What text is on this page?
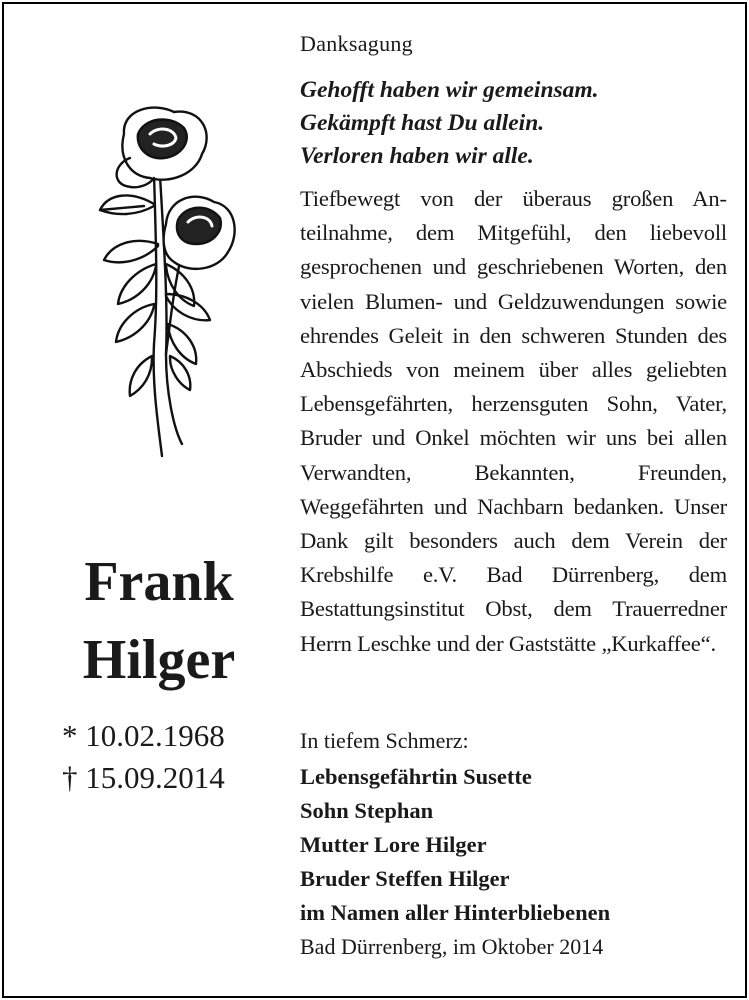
Frank
Hilger
* 10.02.1968
† 15.09.2014
Danksagung
Gehofft haben wir gemeinsam.
Gekämpft hast Du allein.
Verloren haben wir alle.
Tiefbewegt von der überaus großen Anteilnahme, dem Mitgefühl, den liebevoll gesprochenen und geschriebenen Worten, den vielen Blumen- und Geldzuwendungen sowie ehrendes Geleit in den schweren Stunden des Abschieds von meinem über alles geliebten Lebensgefährten, herzensguten Sohn, Vater, Bruder und Onkel möchten wir uns bei allen Verwandten, Bekannten, Freunden, Weggefährten und Nachbarn bedanken. Unser Dank gilt besonders auch dem Verein der Krebshilfe e.V. Bad Dürrenberg, dem Bestattungsinstitut Obst, dem Trauerredner Herrn Leschke und der Gaststätte „Kurkaffee“.
In tiefem Schmerz:
Lebensgefährtin Susette
Sohn Stephan
Mutter Lore Hilger
Bruder Steffen Hilger
im Namen aller Hinterbliebenen
Bad Dürrenberg, im Oktober 2014
